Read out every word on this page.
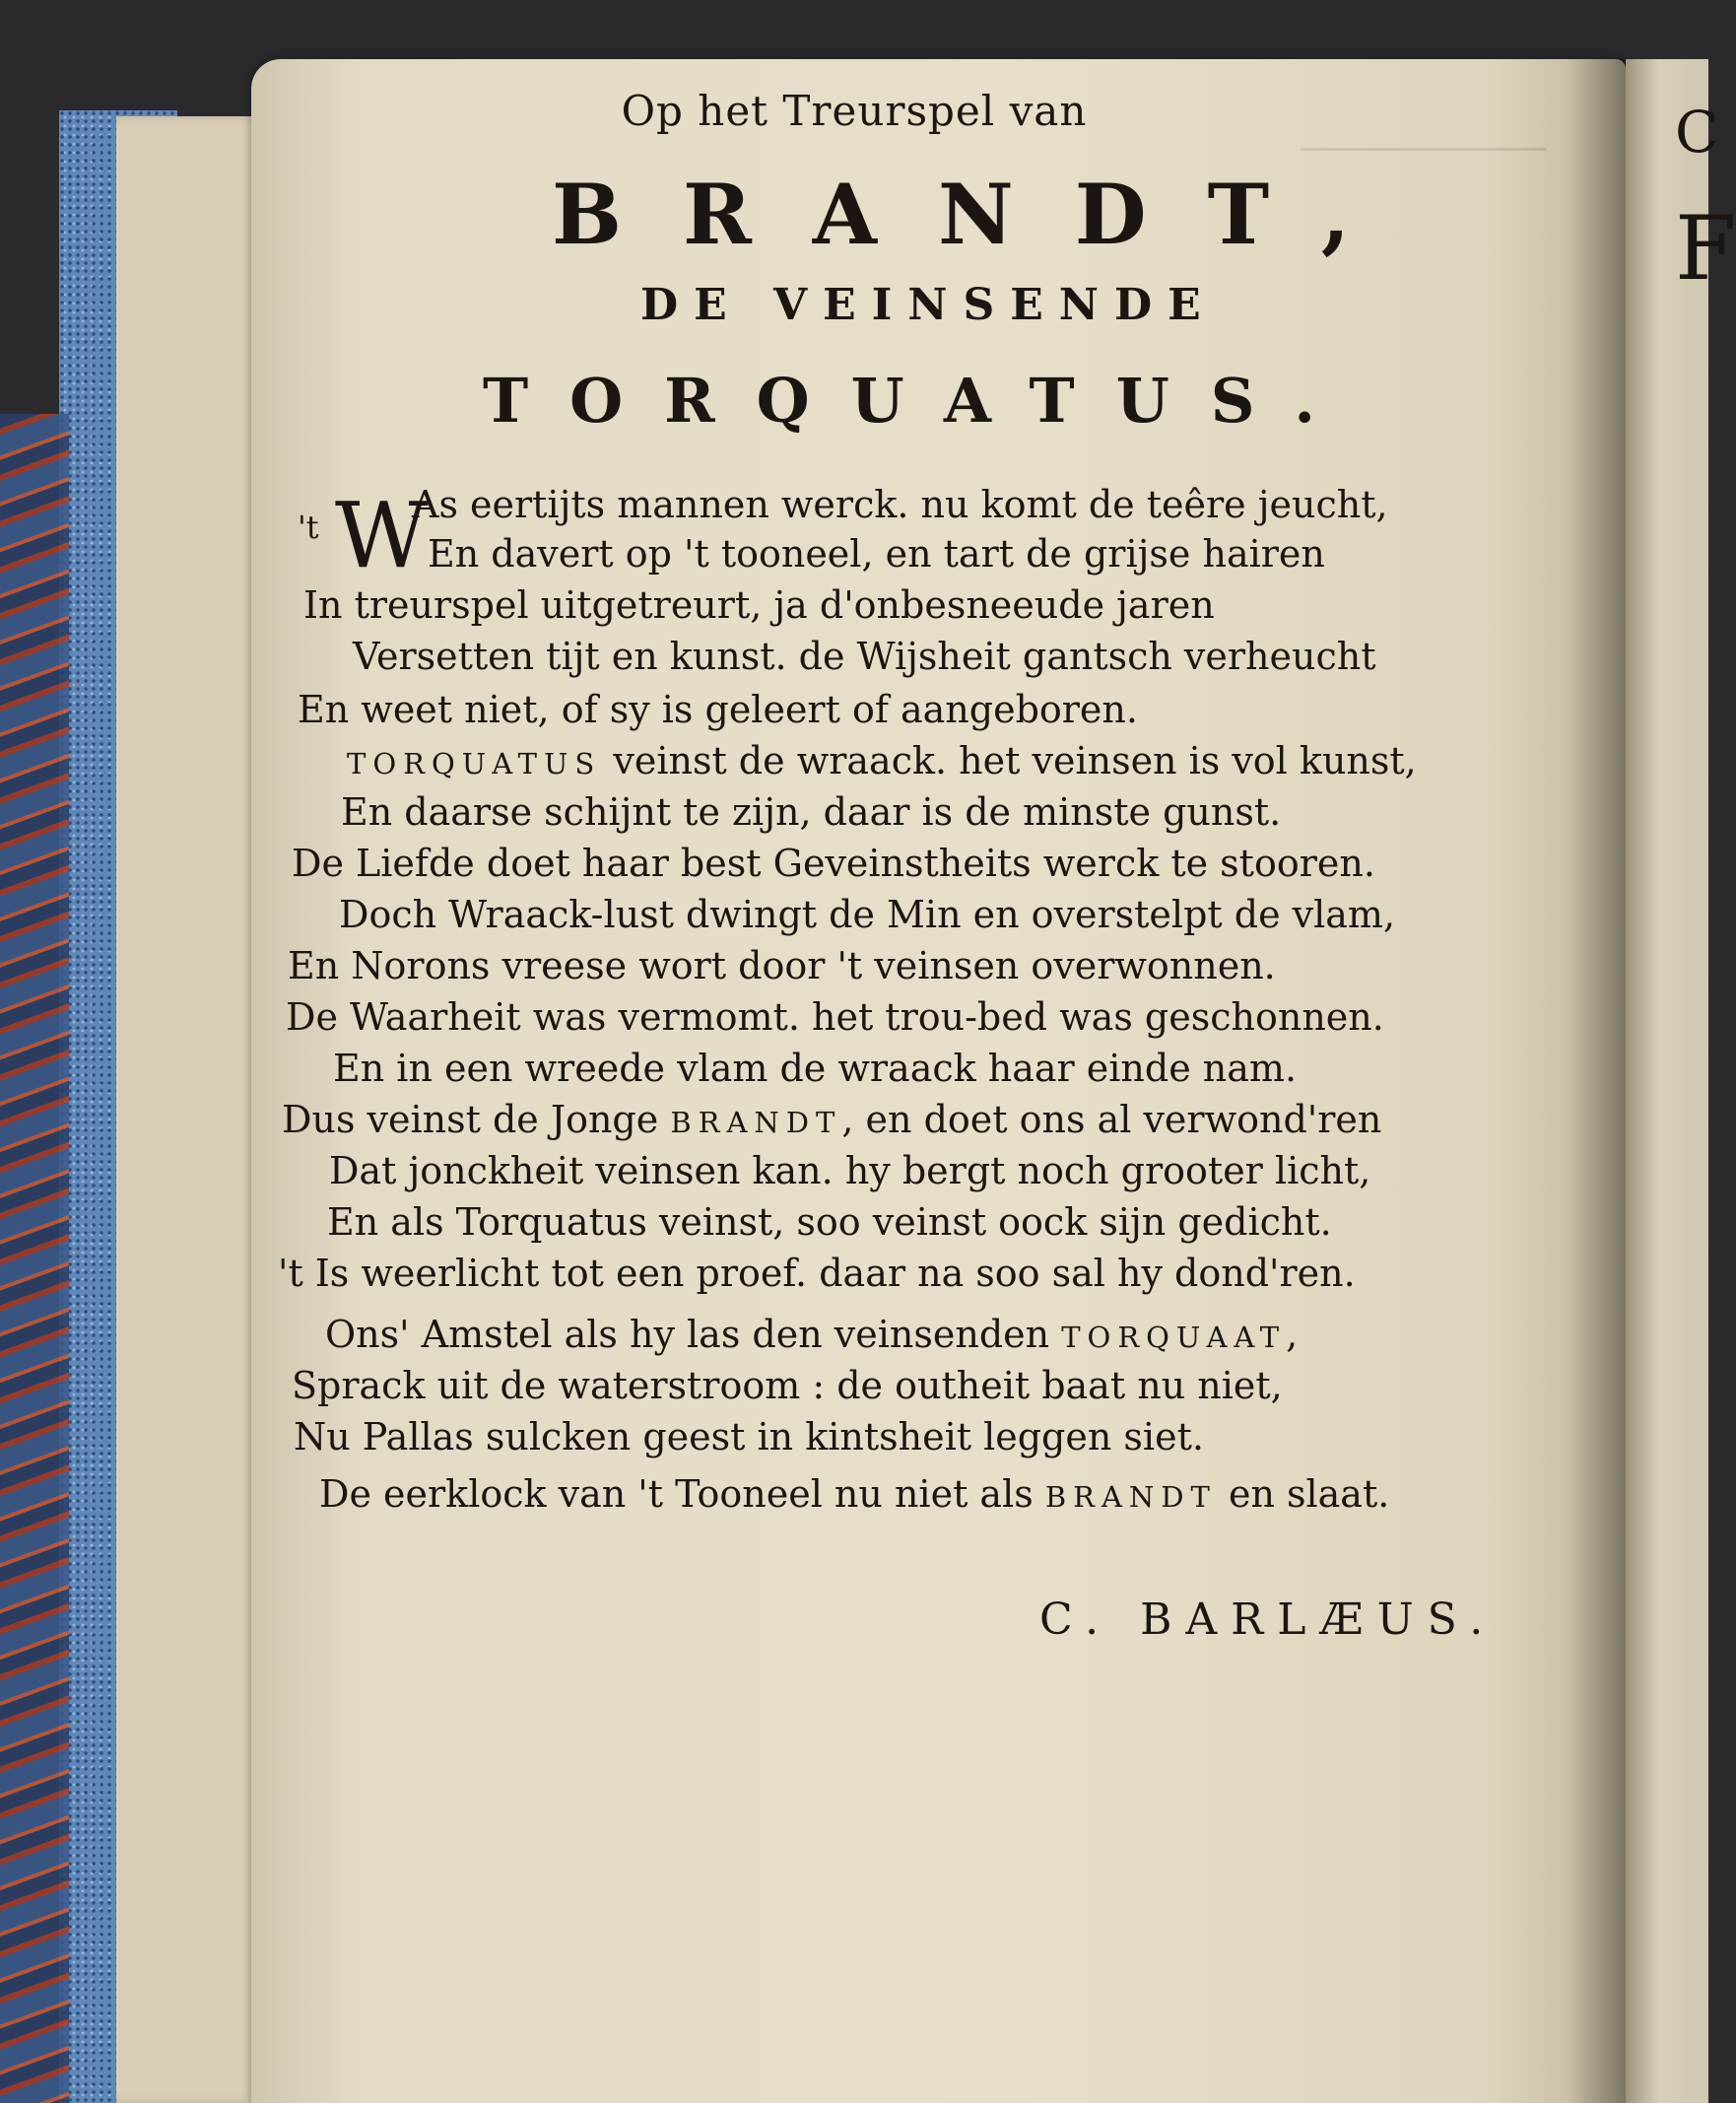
C
F
Op het Treurspel van
BRANDT,
DE VEINSENDE
TORQUATUS.
't W
As eertijts mannen werck. nu komt de teêre jeucht,
En davert op 't tooneel, en tart de grijse hairen
In treurspel uitgetreurt, ja d'onbesneeude jaren
Versetten tijt en kunst. de Wijsheit gantsch verheucht
En weet niet, of sy is geleert of aangeboren.
TORQUATUS veinst de wraack. het veinsen is vol kunst,
En daarse schijnt te zijn, daar is de minste gunst.
De Liefde doet haar best Geveinstheits werck te stooren.
Doch Wraack-lust dwingt de Min en overstelpt de vlam,
En Norons vreese wort door 't veinsen overwonnen.
De Waarheit was vermomt. het trou-bed was geschonnen.
En in een wreede vlam de wraack haar einde nam.
Dus veinst de Jonge BRANDT, en doet ons al verwond'ren
Dat jonckheit veinsen kan. hy bergt noch grooter licht,
En als Torquatus veinst, soo veinst oock sijn gedicht.
't Is weerlicht tot een proef. daar na soo sal hy dond'ren.
Ons' Amstel als hy las den veinsenden TORQUAAT,
Sprack uit de waterstroom : de outheit baat nu niet,
Nu Pallas sulcken geest in kintsheit leggen siet.
De eerklock van 't Tooneel nu niet als BRANDT en slaat.
C. BARLÆUS.
